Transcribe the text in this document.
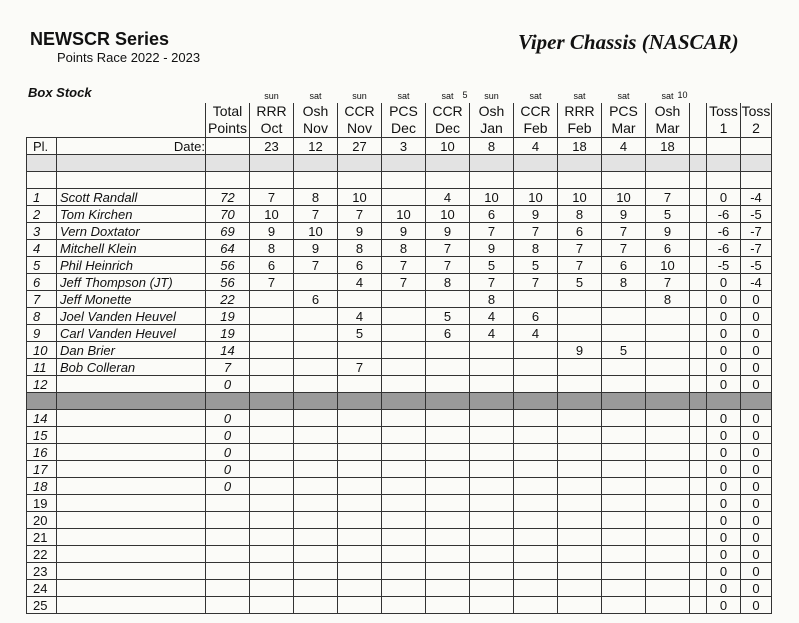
NEWSCR Series
Points Race 2022 - 2023
Viper Chassis (NASCAR)
Box Stock
				sun	sat	sun	sat	sat 5	sun	sat	sat	sat	sat 10			

		Total	RRR	Osh	CCR	PCS	CCR	Osh	CCR	RRR	PCS	Osh		Toss	Toss
		Points	Oct	Nov	Nov	Dec	Dec	Jan	Feb	Feb	Mar	Mar		1	2
Pl.	Date:		23	12	27	3	10	8	4	18	4	18			

1	Scott Randall	72	7	8	10		4	10	10	10	10	7		0	-4
2	Tom Kirchen	70	10	7	7	10	10	6	9	8	9	5		-6	-5
3	Vern Doxtator	69	9	10	9	9	9	7	7	6	7	9		-6	-7
4	Mitchell Klein	64	8	9	8	8	7	9	8	7	7	6		-6	-7
5	Phil Heinrich	56	6	7	6	7	7	5	5	7	6	10		-5	-5
6	Jeff Thompson (JT)	56	7		4	7	8	7	7	5	8	7		0	-4
7	Jeff Monette	22		6				8				8		0	0
8	Joel Vanden Heuvel	19			4		5	4	6					0	0
9	Carl Vanden Heuvel	19			5		6	4	4					0	0
10	Dan Brier	14								9	5			0	0
11	Bob Colleran	7			7									0	0
12		0												0	0

14		0												0	0
15		0												0	0
16		0												0	0
17		0												0	0
18		0												0	0
19														0	0
20														0	0
21														0	0
22														0	0
23														0	0
24														0	0
25														0	0
